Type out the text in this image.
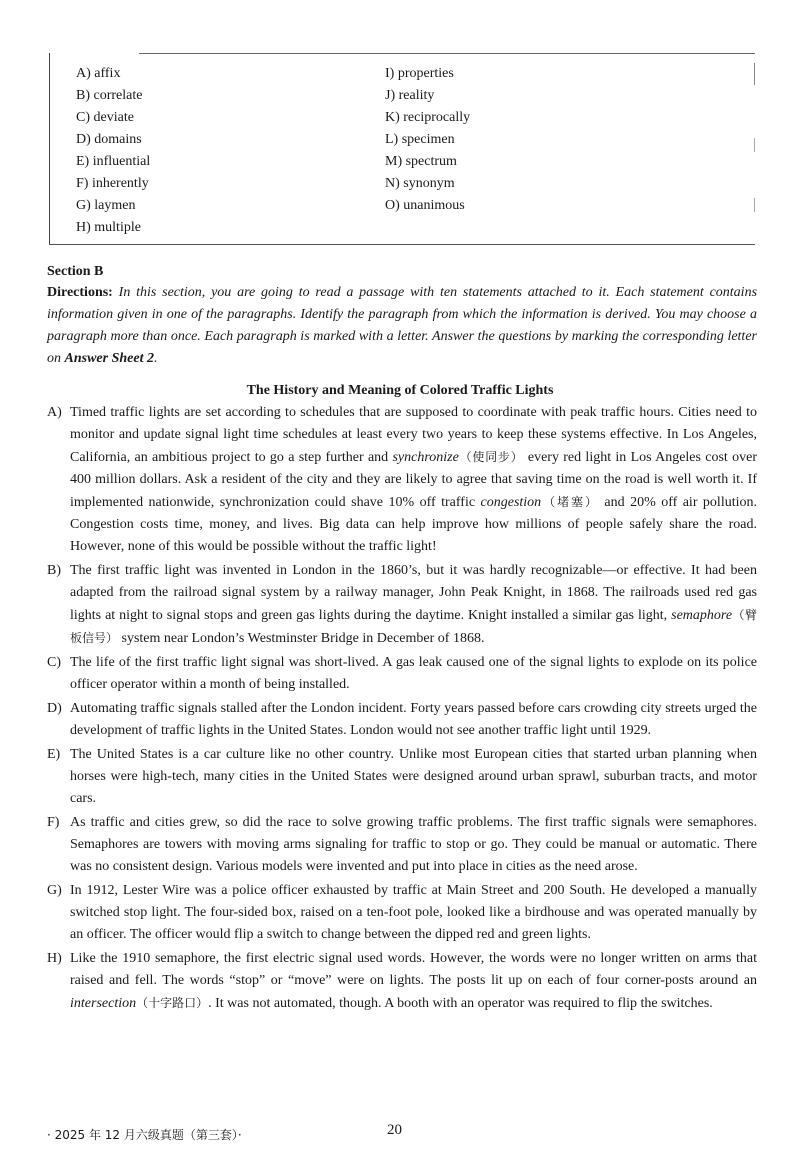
A) affix
B) correlate
C) deviate
D) domains
E) influential
F) inherently
G) laymen
H) multiple
I) properties
J) reality
K) reciprocally
L) specimen
M) spectrum
N) synonym
O) unanimous
Section B
Directions: In this section, you are going to read a passage with ten statements attached to it. Each statement contains information given in one of the paragraphs. Identify the paragraph from which the information is derived. You may choose a paragraph more than once. Each paragraph is marked with a letter. Answer the questions by marking the corresponding letter on Answer Sheet 2.
The History and Meaning of Colored Traffic Lights
A) Timed traffic lights are set according to schedules that are supposed to coordinate with peak traffic hours. Cities need to monitor and update signal light time schedules at least every two years to keep these systems effective. In Los Angeles, California, an ambitious project to go a step further and synchronize（使同步） every red light in Los Angeles cost over 400 million dollars. Ask a resident of the city and they are likely to agree that saving time on the road is well worth it. If implemented nationwide, synchronization could shave 10% off traffic congestion（堵塞） and 20% off air pollution. Congestion costs time, money, and lives. Big data can help improve how millions of people safely share the road. However, none of this would be possible without the traffic light!
B) The first traffic light was invented in London in the 1860’s, but it was hardly recognizable—or effective. It had been adapted from the railroad signal system by a railway manager, John Peak Knight, in 1868. The railroads used red gas lights at night to signal stops and green gas lights during the daytime. Knight installed a similar gas light, semaphore（臂板信号） system near London’s Westminster Bridge in December of 1868.
C) The life of the first traffic light signal was short-lived. A gas leak caused one of the signal lights to explode on its police officer operator within a month of being installed.
D) Automating traffic signals stalled after the London incident. Forty years passed before cars crowding city streets urged the development of traffic lights in the United States. London would not see another traffic light until 1929.
E) The United States is a car culture like no other country. Unlike most European cities that started urban planning when horses were high-tech, many cities in the United States were designed around urban sprawl, suburban tracts, and motor cars.
F) As traffic and cities grew, so did the race to solve growing traffic problems. The first traffic signals were semaphores. Semaphores are towers with moving arms signaling for traffic to stop or go. They could be manual or automatic. There was no consistent design. Various models were invented and put into place in cities as the need arose.
G) In 1912, Lester Wire was a police officer exhausted by traffic at Main Street and 200 South. He developed a manually switched stop light. The four-sided box, raised on a ten-foot pole, looked like a birdhouse and was operated manually by an officer. The officer would flip a switch to change between the dipped red and green lights.
H) Like the 1910 semaphore, the first electric signal used words. However, the words were no longer written on arms that raised and fell. The words “stop” or “move” were on lights. The posts lit up on each of four corner-posts around an intersection（十字路口）. It was not automated, though. A booth with an operator was required to flip the switches.
· 2025 年 12 月六级真题（第三套）·	20
